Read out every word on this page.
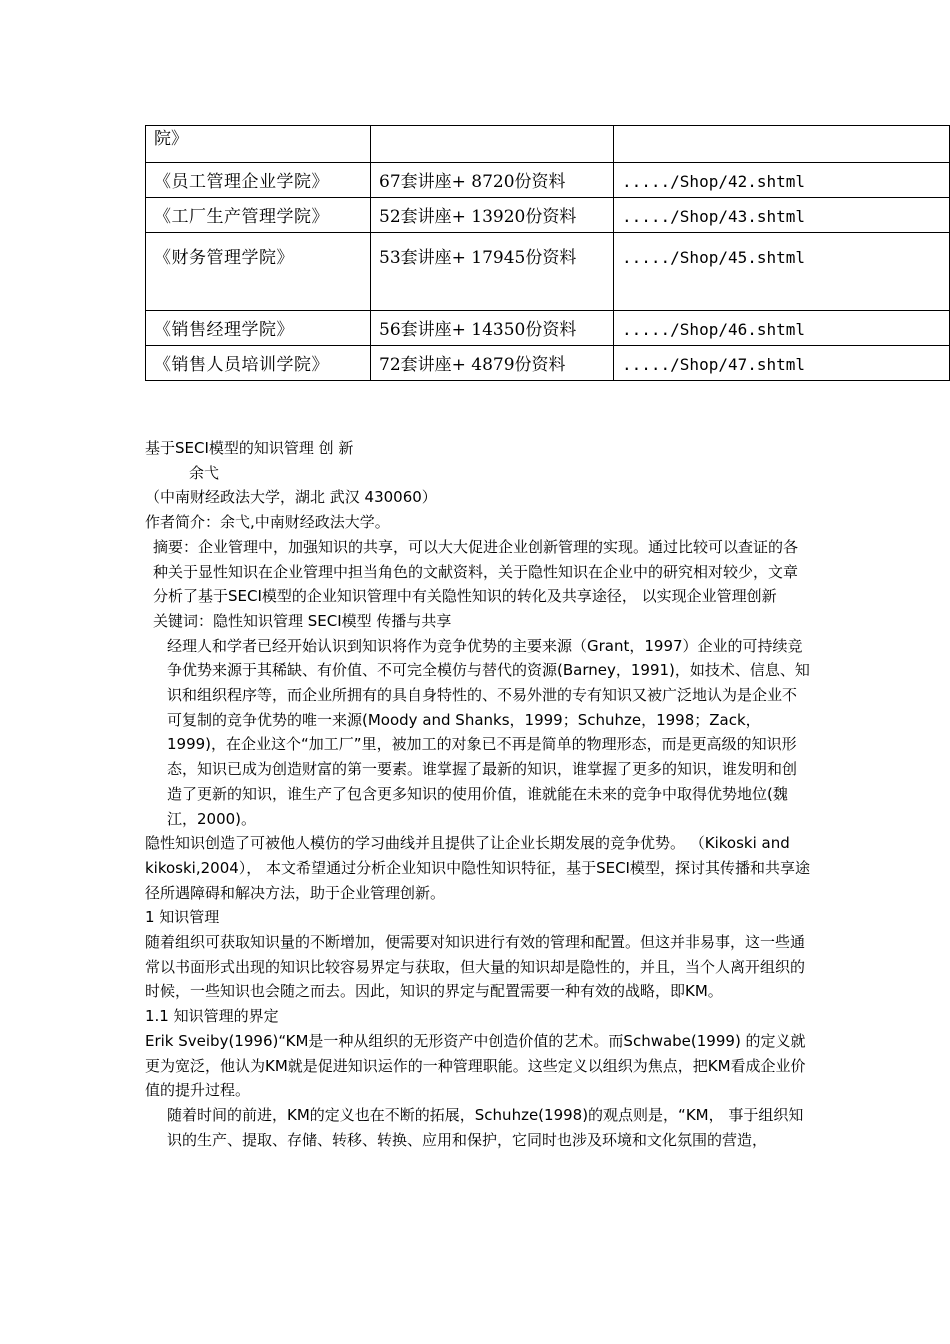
院》		
《员工管理企业学院》	67套讲座+ 8720份资料	...../Shop/42.shtml
《工厂生产管理学院》	52套讲座+ 13920份资料	...../Shop/43.shtml
《财务管理学院》	53套讲座+ 17945份资料	...../Shop/45.shtml
《销售经理学院》	56套讲座+ 14350份资料	...../Shop/46.shtml
《销售人员培训学院》	72套讲座+ 4879份资料	...../Shop/47.shtml

基于SECI模型的知识管理 创 新

余弋

（中南财经政法大学，湖北 武汉 430060）

作者简介：余弋,中南财经政法大学。

摘要：企业管理中，加强知识的共享，可以大大促进企业创新管理的实现。通过比较可以查证的各种关于显性知识在企业管理中担当角色的文献资料，关于隐性知识在企业中的研究相对较少，文章分析了基于SECI模型的企业知识管理中有关隐性知识的转化及共享途径， 以实现企业管理创新

关键词：隐性知识管理 SECI模型 传播与共享

经理人和学者已经开始认识到知识将作为竞争优势的主要来源（Grant，1997）企业的可持续竞争优势来源于其稀缺、有价值、不可完全模仿与替代的资源(Barney，1991)，如技术、信息、知识和组织程序等，而企业所拥有的具自身特性的、不易外泄的专有知识又被广泛地认为是企业不可复制的竞争优势的唯一来源(Moody and Shanks，1999；Schuhze，1998；Zack，1999)，在企业这个“加工厂”里，被加工的对象已不再是简单的物理形态，而是更高级的知识形态，知识已成为创造财富的第一要素。谁掌握了最新的知识，谁掌握了更多的知识，谁发明和创造了更新的知识，谁生产了包含更多知识的使用价值，谁就能在未来的竞争中取得优势地位(魏江，2000)。

隐性知识创造了可被他人模仿的学习曲线并且提供了让企业长期发展的竞争优势。 （Kikoski and kikoski,2004）， 本文希望通过分析企业知识中隐性知识特征，基于SECI模型，探讨其传播和共享途径所遇障碍和解决方法，助于企业管理创新。

1 知识管理

随着组织可获取知识量的不断增加，便需要对知识进行有效的管理和配置。但这并非易事，这一些通常以书面形式出现的知识比较容易界定与获取，但大量的知识却是隐性的，并且，当个人离开组织的时候，一些知识也会随之而去。因此，知识的界定与配置需要一种有效的战略，即KM。

1.1 知识管理的界定

Erik Sveiby(1996)“KM是一种从组织的无形资产中创造价值的艺术。而Schwabe(1999) 的定义就更为宽泛，他认为KM就是促进知识运作的一种管理职能。这些定义以组织为焦点，把KM看成企业价值的提升过程。

随着时间的前进，KM的定义也在不断的拓展，Schuhze(1998)的观点则是，“KM， 事于组织知识的生产、提取、存储、转移、转换、应用和保护，它同时也涉及环境和文化氛围的营造，
